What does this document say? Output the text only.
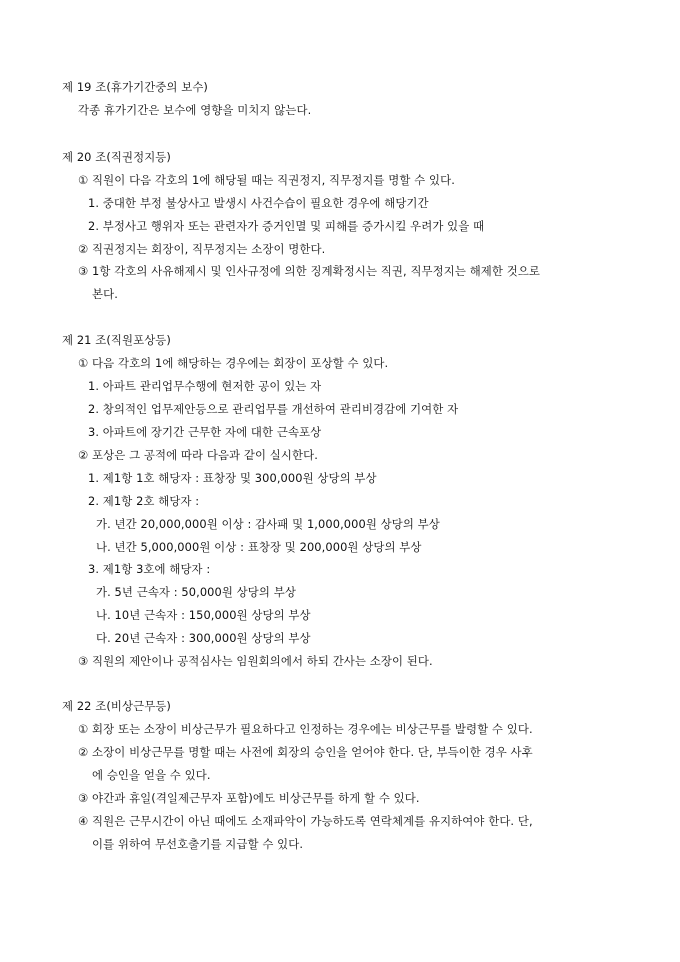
제 19 조(휴가기간중의 보수)
각종 휴가기간은 보수에 영향을 미치지 않는다.
제 20 조(직권정지등)
① 직원이 다음 각호의 1에 해당될 때는 직권정지, 직무정지를 명할 수 있다.
1. 중대한 부정 불상사고 발생시 사건수습이 필요한 경우에 해당기간
2. 부정사고 행위자 또는 관련자가 증거인멸 및 피해를 증가시킬 우려가 있을 때
② 직권정지는 회장이, 직무정지는 소장이 명한다.
③ 1항 각호의 사유해제시 및 인사규정에 의한 징계확정시는 직권, 직무정지는 해제한 것으로
본다.
제 21 조(직원포상등)
① 다음 각호의 1에 해당하는 경우에는 회장이 포상할 수 있다.
1. 아파트 관리업무수행에 현저한 공이 있는 자
2. 창의적인 업무제안등으로 관리업무를 개선하여 관리비경감에 기여한 자
3. 아파트에 장기간 근무한 자에 대한 근속포상
② 포상은 그 공적에 따라 다음과 같이 실시한다.
1. 제1항 1호 해당자 : 표창장 및 300,000원 상당의 부상
2. 제1항 2호 해당자 :
가. 년간 20,000,000원 이상 : 감사패 및 1,000,000원 상당의 부상
나. 년간 5,000,000원 이상 : 표창장 및 200,000원 상당의 부상
3. 제1항 3호에 해당자 :
가. 5년 근속자 : 50,000원 상당의 부상
나. 10년 근속자 : 150,000원 상당의 부상
다. 20년 근속자 : 300,000원 상당의 부상
③ 직원의 제안이나 공적심사는 임원회의에서 하되 간사는 소장이 된다.
제 22 조(비상근무등)
① 회장 또는 소장이 비상근무가 필요하다고 인정하는 경우에는 비상근무를 발령할 수 있다.
② 소장이 비상근무를 명할 때는 사전에 회장의 승인을 얻어야 한다. 단, 부득이한 경우 사후
에 승인을 얻을 수 있다.
③ 야간과 휴일(격일제근무자 포함)에도 비상근무를 하게 할 수 있다.
④ 직원은 근무시간이 아닌 때에도 소재파악이 가능하도록 연락체계를 유지하여야 한다. 단,
이를 위하여 무선호출기를 지급할 수 있다.
